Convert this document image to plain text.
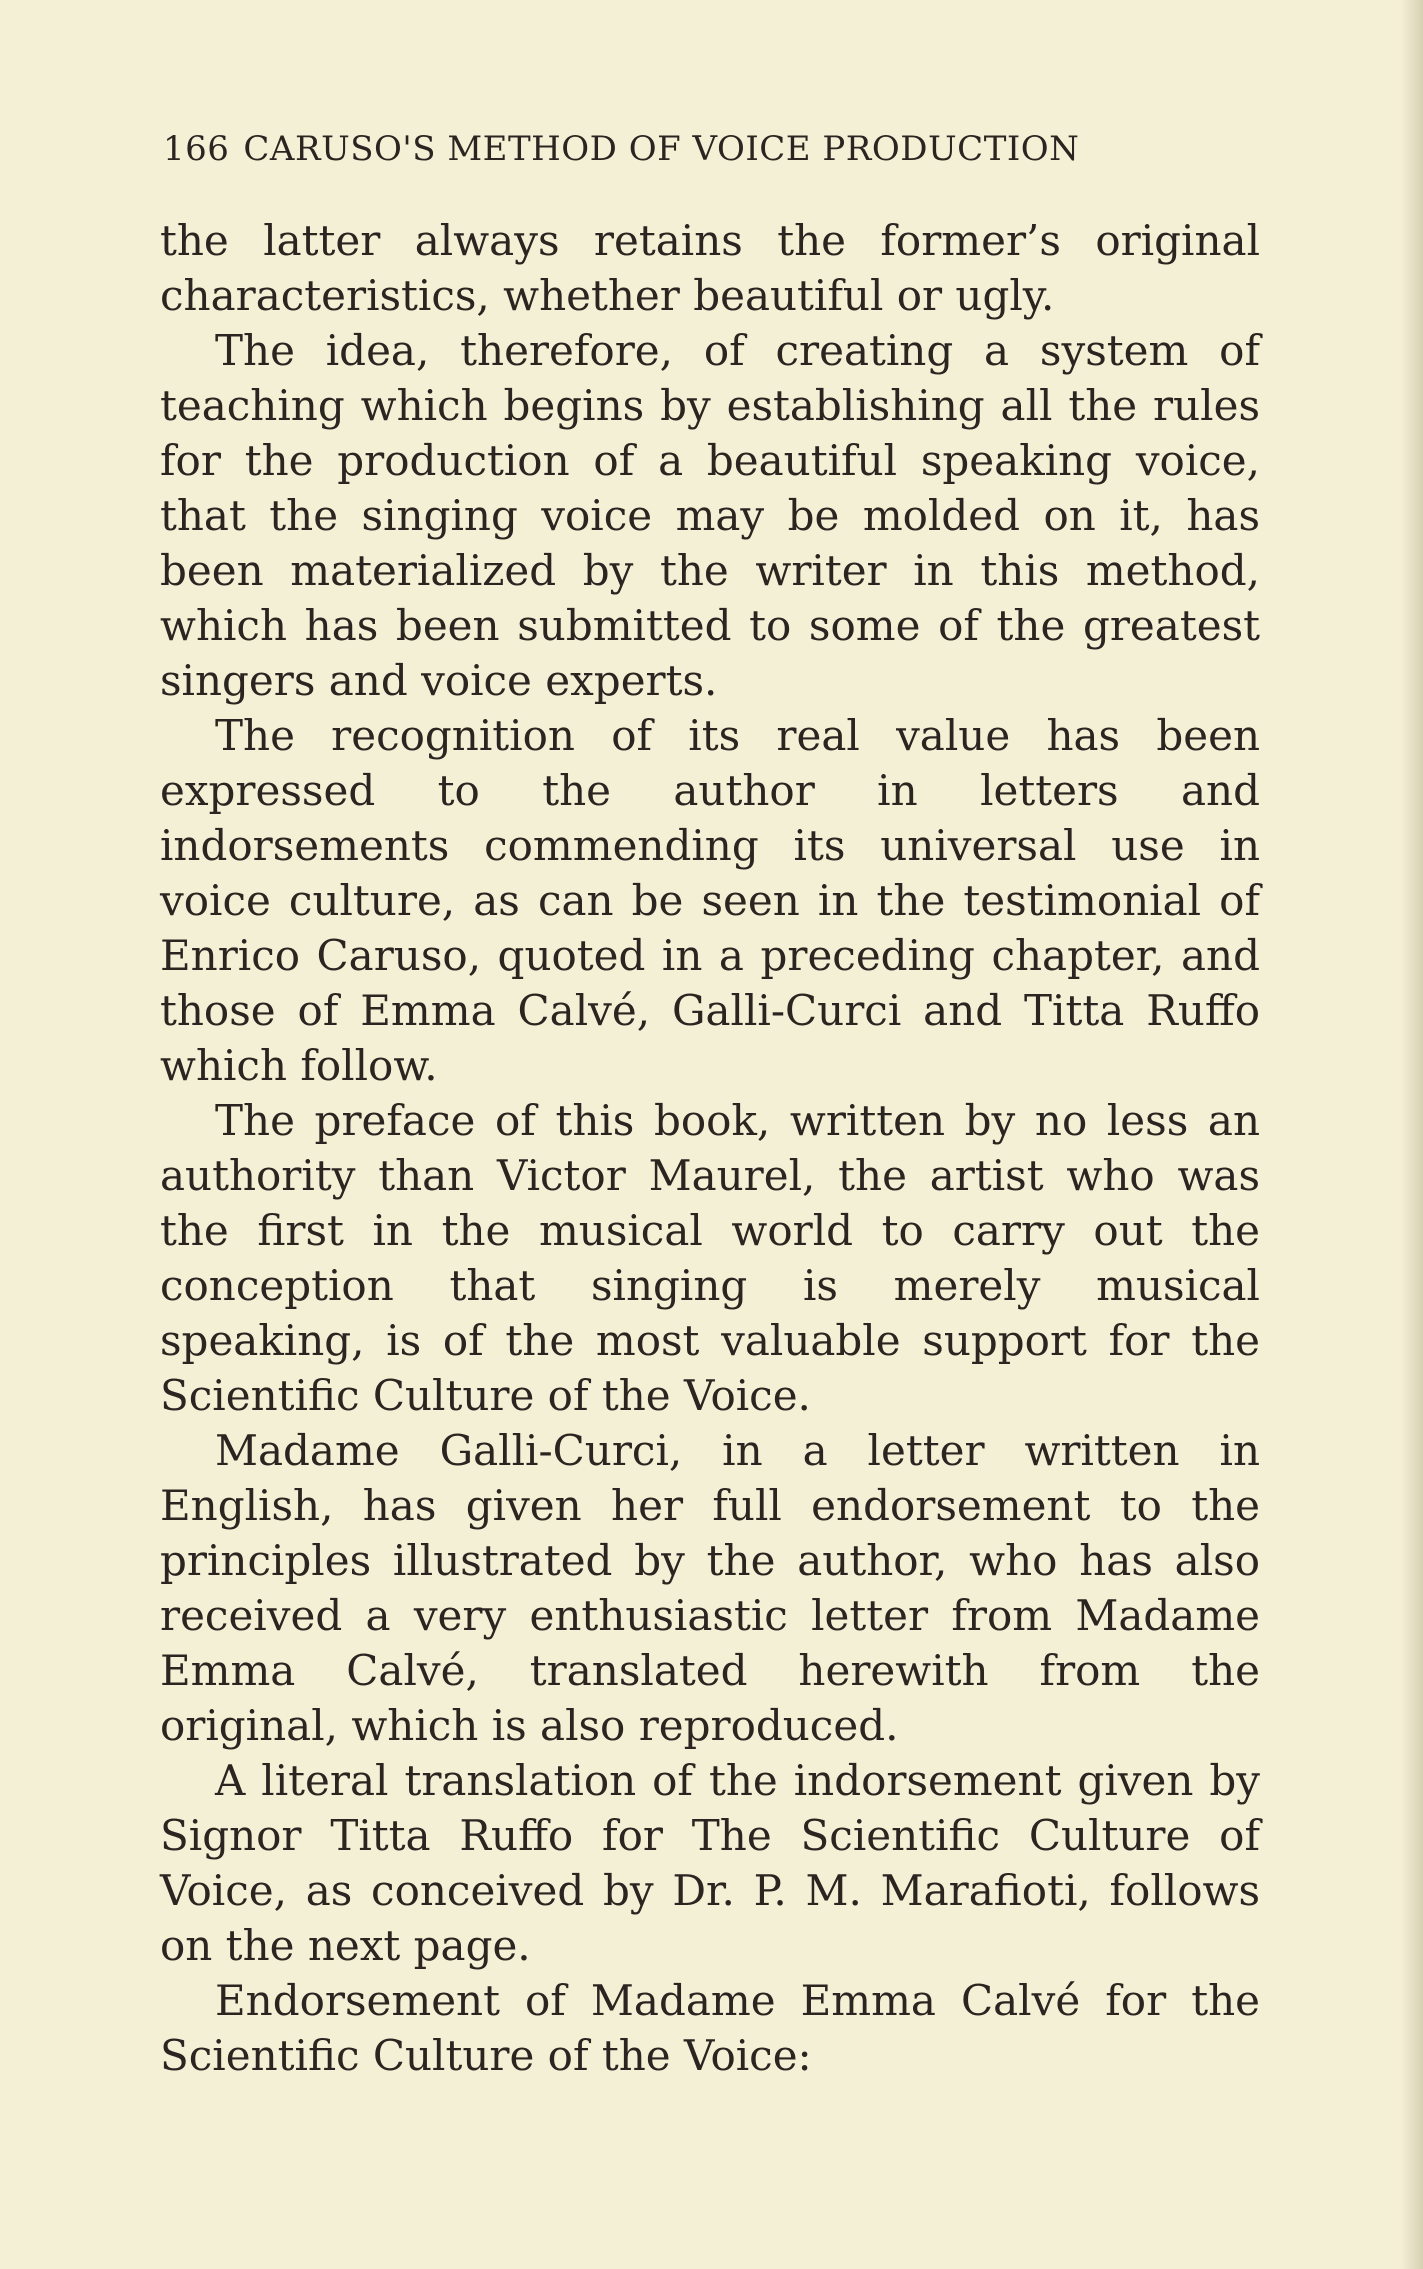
166 CARUSO'S METHOD OF VOICE PRODUCTION

the latter always retains the former’s original characteristics, whether beautiful or ugly.

The idea, therefore, of creating a system of teaching which begins by establishing all the rules for the production of a beautiful speaking voice, that the singing voice may be molded on it, has been materialized by the writer in this method, which has been submitted to some of the greatest singers and voice experts.

The recognition of its real value has been expressed to the author in letters and indorsements commending its universal use in voice culture, as can be seen in the testimonial of Enrico Caruso, quoted in a preceding chapter, and those of Emma Calvé, Galli-Curci and Titta Ruffo which follow.

The preface of this book, written by no less an authority than Victor Maurel, the artist who was the first in the musical world to carry out the conception that singing is merely musical speaking, is of the most valuable support for the Scientific Culture of the Voice.

Madame Galli-Curci, in a letter written in English, has given her full endorsement to the principles illustrated by the author, who has also received a very enthusiastic letter from Madame Emma Calvé, translated herewith from the original, which is also reproduced.

A literal translation of the indorsement given by Signor Titta Ruffo for The Scientific Culture of Voice, as conceived by Dr. P. M. Marafioti, follows on the next page.

Endorsement of Madame Emma Calvé for the Scientific Culture of the Voice:
